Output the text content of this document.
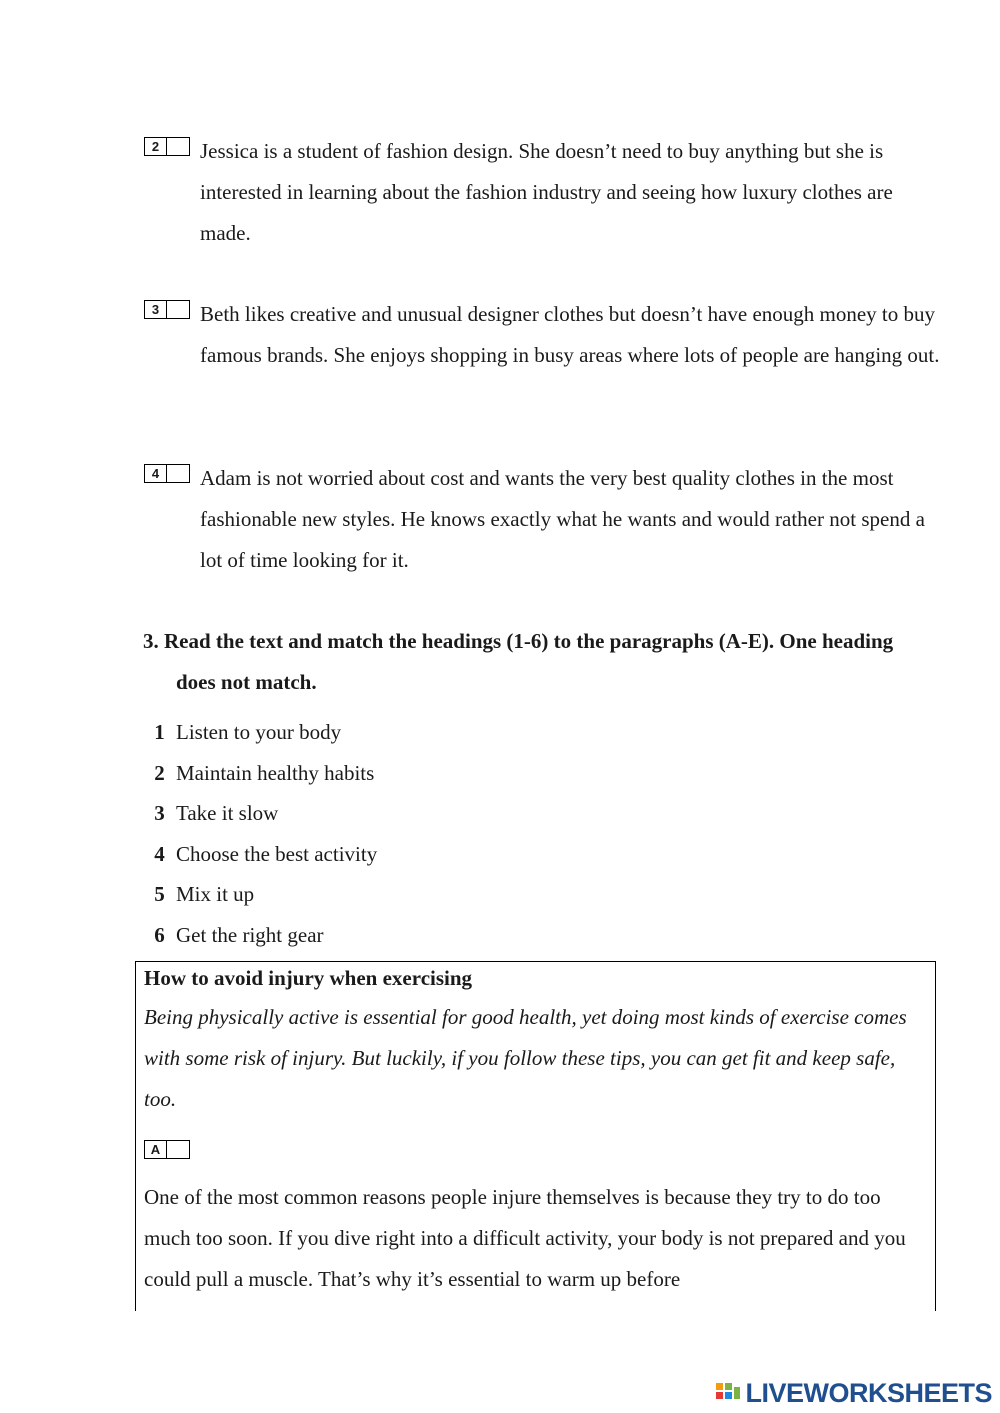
2	Jessica is a student of fashion design. She doesn’t need to buy anything but she is interested in learning about the fashion industry and seeing how luxury clothes are made.
3	Beth likes creative and unusual designer clothes but doesn’t have enough money to buy famous brands. She enjoys shopping in busy areas where lots of people are hanging out.
4	Adam is not worried about cost and wants the very best quality clothes in the most fashionable new styles. He knows exactly what he wants and would rather not spend a lot of time looking for it.
3. Read the text and match the headings (1-6) to the paragraphs (A-E). One heading does not match.
1 Listen to your body
2 Maintain healthy habits
3 Take it slow
4 Choose the best activity
5 Mix it up
6 Get the right gear
How to avoid injury when exercising
Being physically active is essential for good health, yet doing most kinds of exercise comes with some risk of injury. But luckily, if you follow these tips, you can get fit and keep safe, too.
A
One of the most common reasons people injure themselves is because they try to do too much too soon. If you dive right into a difficult activity, your body is not prepared and you could pull a muscle. That’s why it’s essential to warm up before
LIVEWORKSHEETS
